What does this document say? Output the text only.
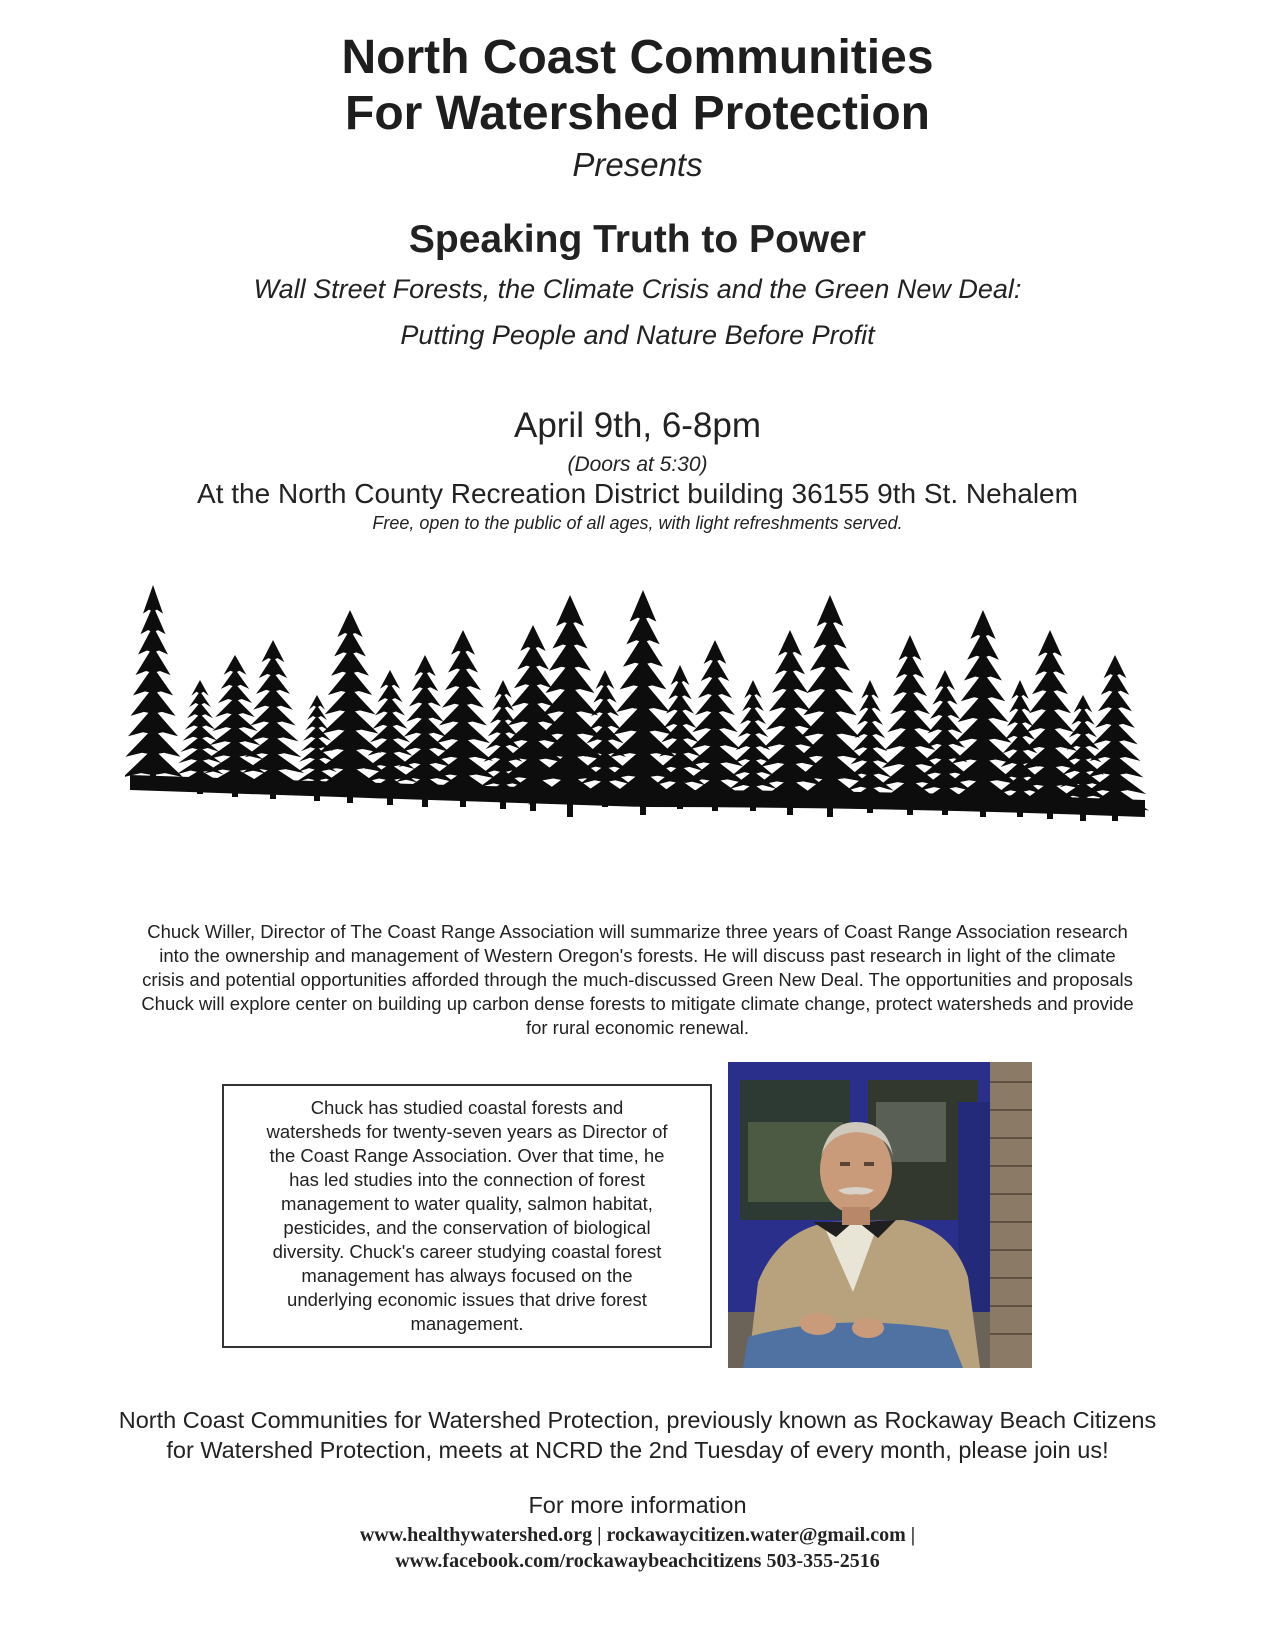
North Coast Communities
For Watershed Protection
Presents
Speaking Truth to Power
Wall Street Forests, the Climate Crisis and the Green New Deal:
Putting People and Nature Before Profit
April 9th, 6-8pm
(Doors at 5:30)
At the North County Recreation District building 36155 9th St. Nehalem
Free, open to the public of all ages, with light refreshments served.
Chuck Willer, Director of The Coast Range Association will summarize three years of Coast Range Association research
into the ownership and management of Western Oregon's forests. He will discuss past research in light of the climate
crisis and potential opportunities afforded through the much-discussed Green New Deal. The opportunities and proposals
Chuck will explore center on building up carbon dense forests to mitigate climate change, protect watersheds and provide
for rural economic renewal.
Chuck has studied coastal forests and
watersheds for twenty-seven years as Director of
the Coast Range Association. Over that time, he
has led studies into the connection of forest
management to water quality, salmon habitat,
pesticides, and the conservation of biological
diversity. Chuck's career studying coastal forest
management has always focused on the
underlying economic issues that drive forest
management.
North Coast Communities for Watershed Protection, previously known as Rockaway Beach Citizens
for Watershed Protection, meets at NCRD the 2nd Tuesday of every month, please join us!
For more information
www.healthywatershed.org | rockawaycitizen.water@gmail.com |
www.facebook.com/rockawaybeachcitizens 503-355-2516
